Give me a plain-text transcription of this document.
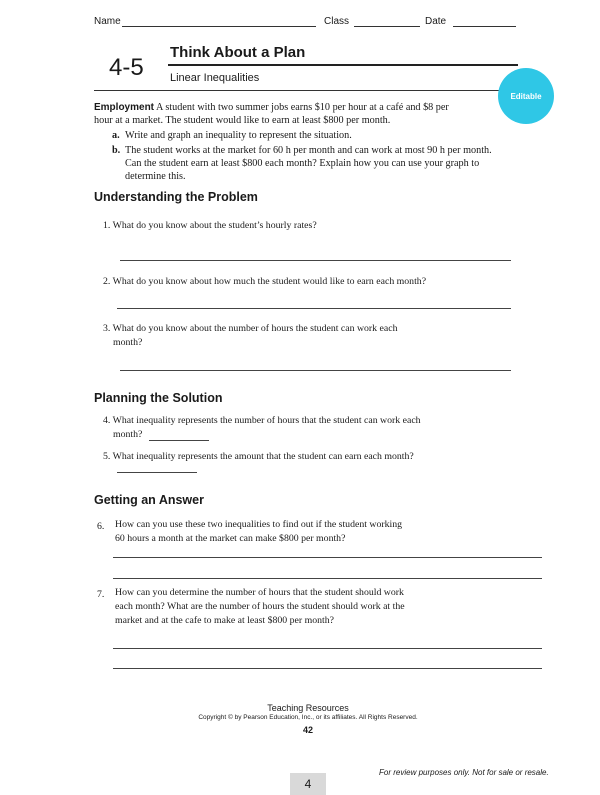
Name	Class	Date
4-5
Think About a Plan
Linear Inequalities
Editable
Employment A student with two summer jobs earns $10 per hour at a café and $8 per
hour at a market. The student would like to earn at least $800 per month.
a. Write and graph an inequality to represent the situation.
b. The student works at the market for 60 h per month and can work at most 90 h per month.
Can the student earn at least $800 each month? Explain how you can use your graph to
determine this.
Understanding the Problem
1. What do you know about the student’s hourly rates?
2. What do you know about how much the student would like to earn each month?
3. What do you know about the number of hours the student can work each
month?
Planning the Solution
4. What inequality represents the number of hours that the student can work each
month?
5. What inequality represents the amount that the student can earn each month?
Getting an Answer
6. How can you use these two inequalities to find out if the student working
60 hours a month at the market can make $800 per month?
7. How can you determine the number of hours that the student should work
each month? What are the number of hours the student should work at the
market and at the cafe to make at least $800 per month?
Teaching Resources
Copyright © by Pearson Education, Inc., or its affiliates. All Rights Reserved.
42
4
For review purposes only. Not for sale or resale.
